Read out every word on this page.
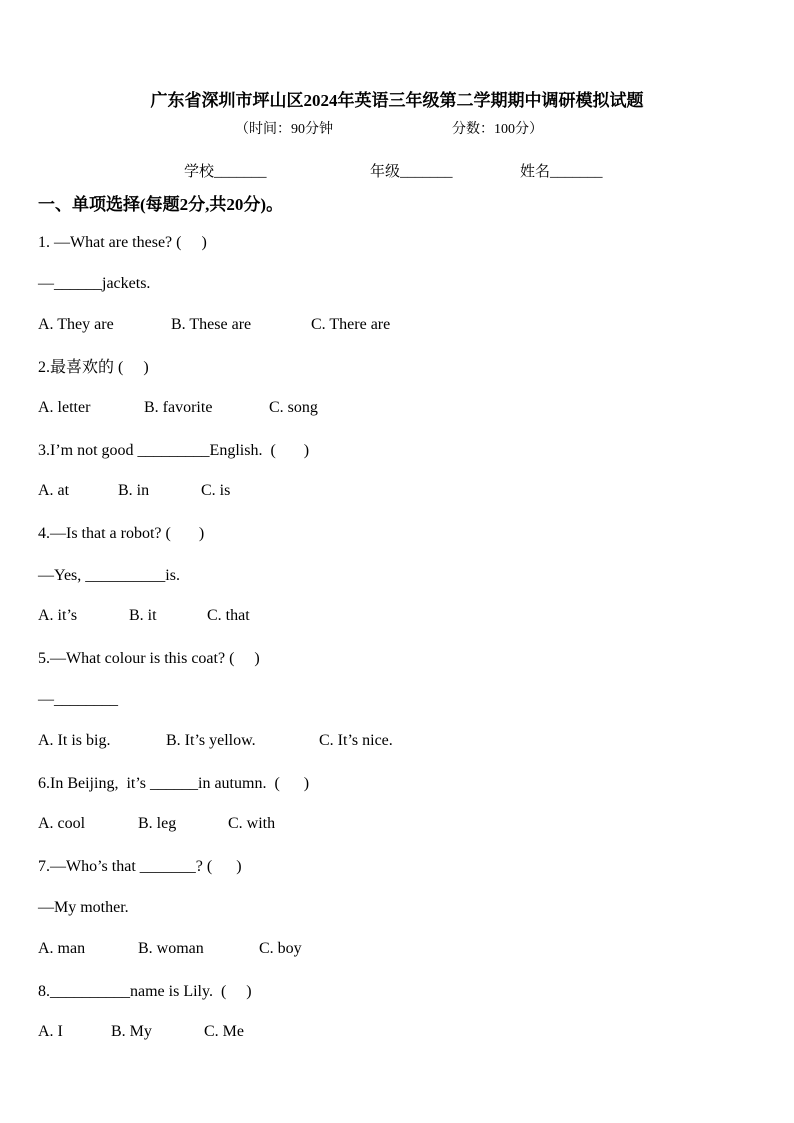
广东省深圳市坪山区2024年英语三年级第二学期期中调研模拟试题
（时间：90分钟	分数：100分）
学校_______	年级_______	姓名_______
一、单项选择(每题2分,共20分)。
1. —What are these? (     )
—______jackets.
A. They are	B. These are	C. There are
2.最喜欢的 (     )
A. letter	B. favorite	C. song
3.I’m not good _________English.  (       )
A. at	B. in	C. is
4.—Is that a robot? (       )
—Yes, __________is.
A. it’s	B. it	C. that
5.—What colour is this coat? (     )
—________
A. It is big.	B. It’s yellow.	C. It’s nice.
6.In Beijing,  it’s ______in autumn.  (      )
A. cool	B. leg	C. with
7.—Who’s that _______? (      )
—My mother.
A. man	B. woman	C. boy
8.__________name is Lily.  (     )
A. I	B. My	C. Me
